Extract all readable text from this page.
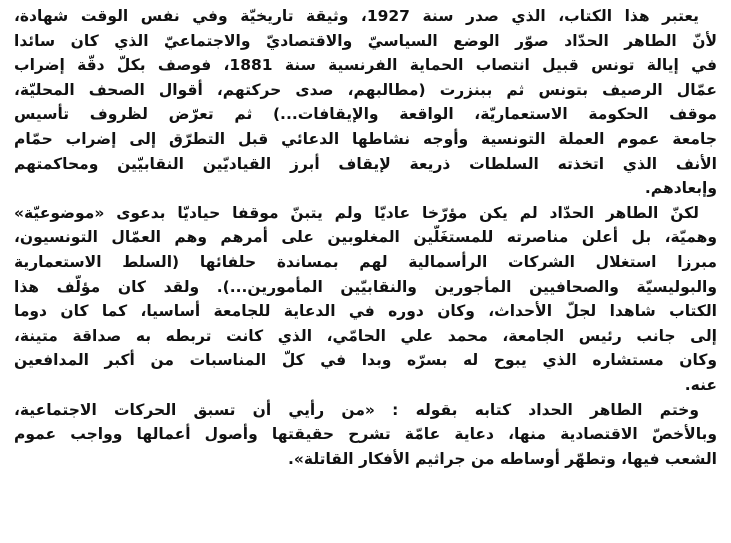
يعتبر هذا الكتاب، الذي صدر سنة 1927، وثيقة تاريخيّة وفي نفس الوقت شهادة،
لأنّ الطاهر الحدّاد صوّر الوضع السياسيّ والاقتصاديّ والاجتماعيّ الذي كان سائدا
في إيالة تونس قبيل انتصاب الحماية الفرنسية سنة 1881، فوصف بكلّ دقّة إضراب
عمّال الرصيف بتونس ثم ببنزرت (مطالبهم، صدى حركتهم، أقوال الصحف المحليّة،
موقف الحكومة الاستعماريّة، الواقعة والإيقافات...) ثم تعرّض لظروف تأسيس
جامعة عموم العملة التونسية وأوجه نشاطها الدعائي قبل التطرّق إلى إضراب حمّام
الأنف الذي اتخذته السلطات ذريعة لإيقاف أبرز القياديّين النقابيّين ومحاكمتهم
وإبعادهم.
لكنّ الطاهر الحدّاد لم يكن مؤرّخا عاديّا ولم يتبنّ موقفا حياديّا بدعوى «موضوعيّة»
وهميّة، بل أعلن مناصرته للمستغَلّين المغلوبين على أمرهم وهم العمّال التونسيون،
مبرزا استغلال الشركات الرأسمالية لهم بمساندة حلفائها (السلط الاستعمارية
والبوليسيّة والصحافيين المأجورين والنقابيّين المأمورين...). ولقد كان مؤلّف هذا
الكتاب شاهدا لجلّ الأحداث، وكان دوره في الدعاية للجامعة أساسيا، كما كان دوما
إلى جانب رئيس الجامعة، محمد علي الحامّي، الذي كانت تربطه به صداقة متينة،
وكان مستشاره الذي يبوح له بسرّه وبدا في كلّ المناسبات من أكبر المدافعين
عنه.
وختم الطاهر الحداد كتابه بقوله : «من رأيي أن تسبق الحركات الاجتماعية،
وبالأخصّ الاقتصادية منها، دعاية عامّة تشرح حقيقتها وأصول أعمالها وواجب عموم
الشعب فيها، وتطهّر أوساطه من جراثيم الأفكار القاتلة».
